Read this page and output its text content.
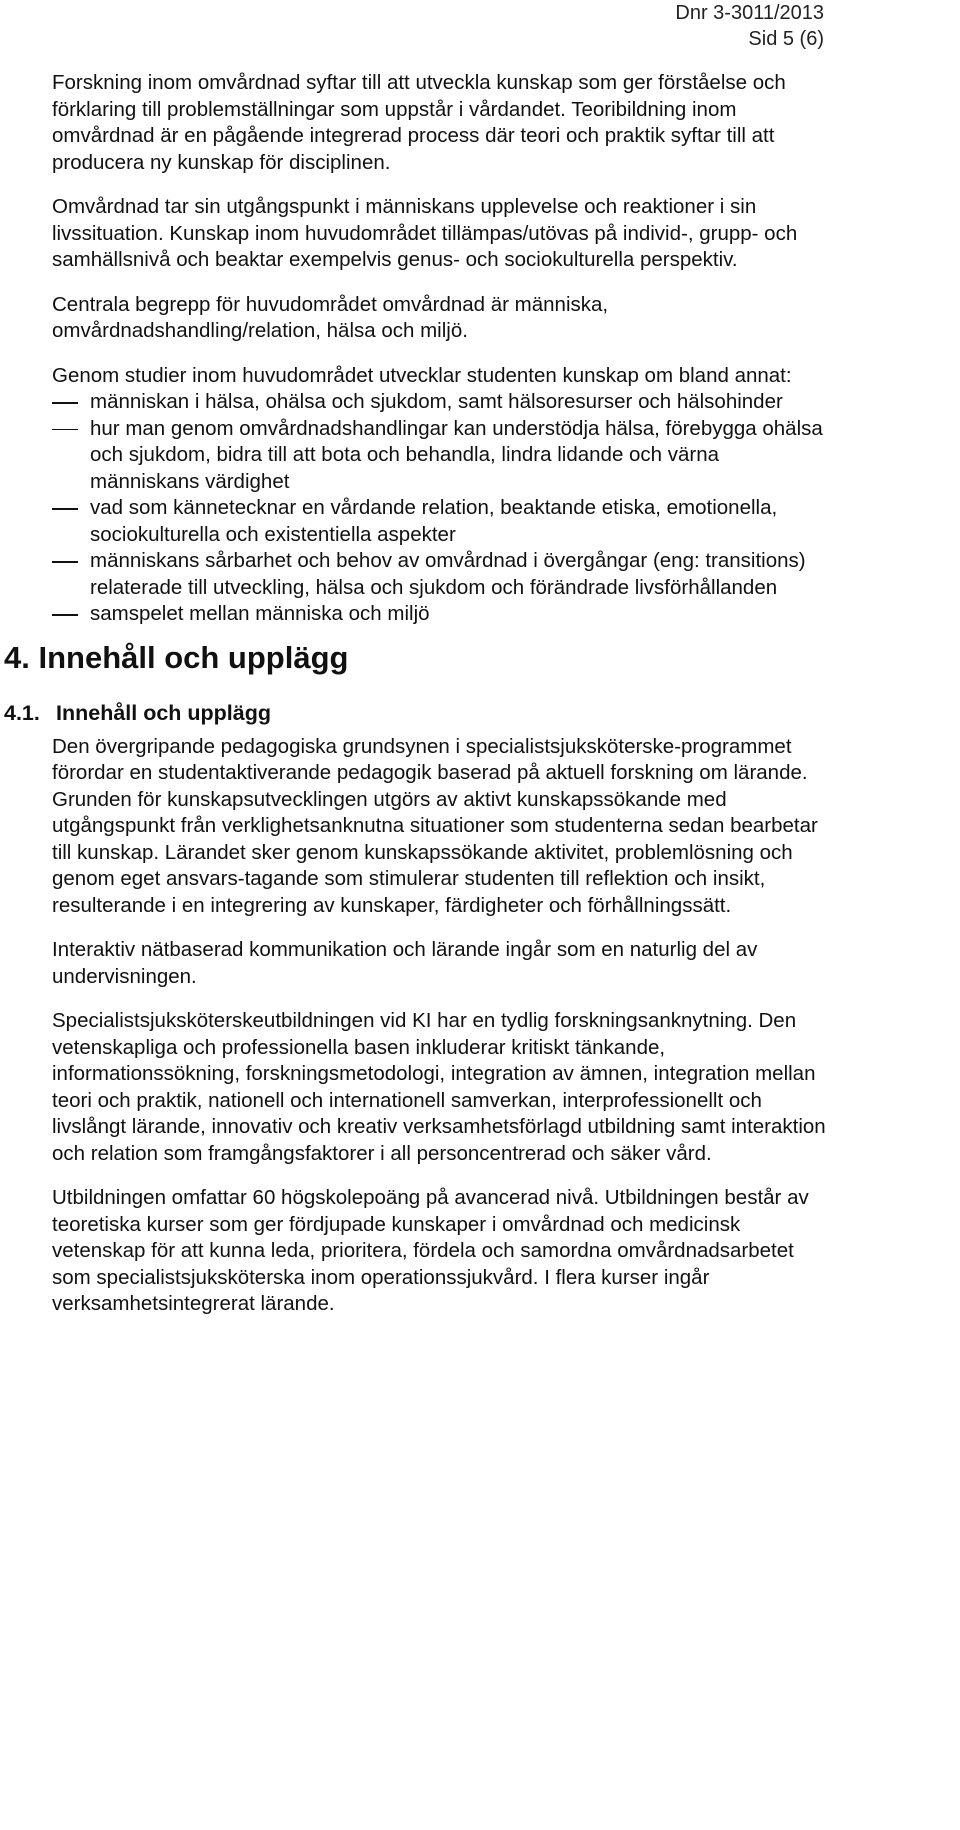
Dnr 3-3011/2013
Sid 5 (6)

Forskning inom omvårdnad syftar till att utveckla kunskap som ger förståelse och förklaring till problemställningar som uppstår i vårdandet. Teoribildning inom omvårdnad är en pågående integrerad process där teori och praktik syftar till att producera ny kunskap för disciplinen.

Omvårdnad tar sin utgångspunkt i människans upplevelse och reaktioner i sin livssituation. Kunskap inom huvudområdet tillämpas/utövas på individ-, grupp- och samhällsnivå och beaktar exempelvis genus- och sociokulturella perspektiv.

Centrala begrepp för huvudområdet omvårdnad är människa, omvårdnadshandling/relation, hälsa och miljö.

Genom studier inom huvudområdet utvecklar studenten kunskap om bland annat:

människan i hälsa, ohälsa och sjukdom, samt hälsoresurser och hälsohinder
hur man genom omvårdnadshandlingar kan understödja hälsa, förebygga ohälsa och sjukdom, bidra till att bota och behandla, lindra lidande och värna människans värdighet
vad som kännetecknar en vårdande relation, beaktande etiska, emotionella, sociokulturella och existentiella aspekter
människans sårbarhet och behov av omvårdnad i övergångar (eng: transitions) relaterade till utveckling, hälsa och sjukdom och förändrade livsförhållanden
samspelet mellan människa och miljö
4. Innehåll och upplägg
4.1. Innehåll och upplägg

Den övergripande pedagogiska grundsynen i specialistsjuksköterske-programmet förordar en studentaktiverande pedagogik baserad på aktuell forskning om lärande. Grunden för kunskapsutvecklingen utgörs av aktivt kunskapssökande med utgångspunkt från verklighetsanknutna situationer som studenterna sedan bearbetar till kunskap. Lärandet sker genom kunskapssökande aktivitet, problemlösning och genom eget ansvars-tagande som stimulerar studenten till reflektion och insikt, resulterande i en integrering av kunskaper, färdigheter och förhållningssätt.

Interaktiv nätbaserad kommunikation och lärande ingår som en naturlig del av undervisningen.

Specialistsjuksköterskeutbildningen vid KI har en tydlig forskningsanknytning. Den vetenskapliga och professionella basen inkluderar kritiskt tänkande, informationssökning, forskningsmetodologi, integration av ämnen, integration mellan teori och praktik, nationell och internationell samverkan, interprofessionellt och livslångt lärande, innovativ och kreativ verksamhetsförlagd utbildning samt interaktion och relation som framgångsfaktorer i all personcentrerad och säker vård.

Utbildningen omfattar 60 högskolepoäng på avancerad nivå. Utbildningen består av teoretiska kurser som ger fördjupade kunskaper i omvårdnad och medicinsk vetenskap för att kunna leda, prioritera, fördela och samordna omvårdnadsarbetet som specialistsjuksköterska inom operationssjukvård. I flera kurser ingår verksamhetsintegrerat lärande.
